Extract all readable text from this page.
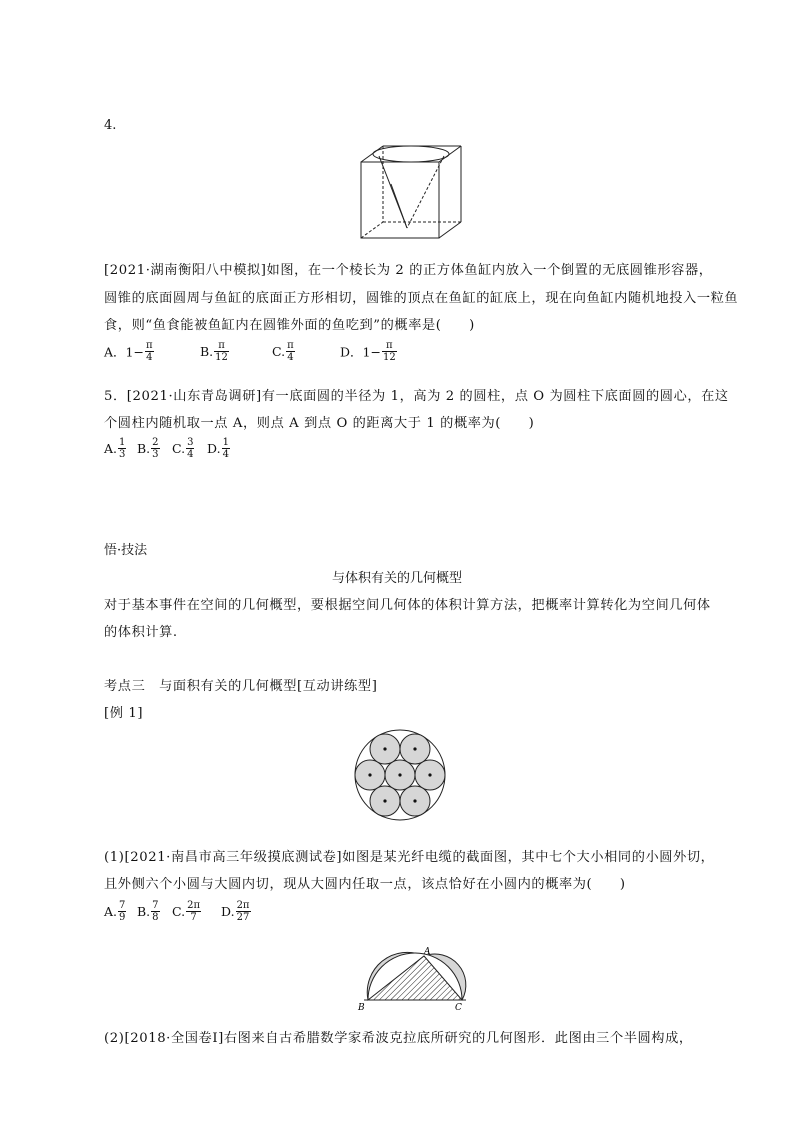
4.
[2021·湖南衡阳八中模拟]如图，在一个棱长为 2 的正方体鱼缸内放入一个倒置的无底圆锥形容器，
圆锥的底面圆周与鱼缸的底面正方形相切，圆锥的顶点在鱼缸的缸底上，现在向鱼缸内随机地投入一粒鱼
食，则“鱼食能被鱼缸内在圆锥外面的鱼吃到”的概率是(　　)
A．$1- \frac{\pi}{4}$	B. $\frac{\pi}{12}$	C. $\frac{\pi}{4}$	D．$1- \frac{\pi}{12}$
5．[2021·山东青岛调研]有一底面圆的半径为 1，高为 2 的圆柱，点 O 为圆柱下底面圆的圆心，在这
个圆柱内随机取一点 A，则点 A 到点 O 的距离大于 1 的概率为(　　)
A. $\frac{1}{3} B$. $\frac{2}{3} C$. $\frac{3}{4} D$. $\frac{1}{4}$
悟·技法
与体积有关的几何概型
对于基本事件在空间的几何概型，要根据空间几何体的体积计算方法，把概率计算转化为空间几何体
的体积计算.
考点三　与面积有关的几何概型[互动讲练型]
[例 1]
(1)[2021·南昌市高三年级摸底测试卷]如图是某光纤电缆的截面图，其中七个大小相同的小圆外切，
且外侧六个小圆与大圆内切，现从大圆内任取一点，该点恰好在小圆内的概率为(　　)
A. $\frac{7}{9} B$. $\frac{7}{8} C$. $\frac{2\pi}{7} D$. $\frac{2\pi}{27}$
A
B	C
(2)[2018·全国卷Ⅰ]右图来自古希腊数学家希波克拉底所研究的几何图形．此图由三个半圆构成，
